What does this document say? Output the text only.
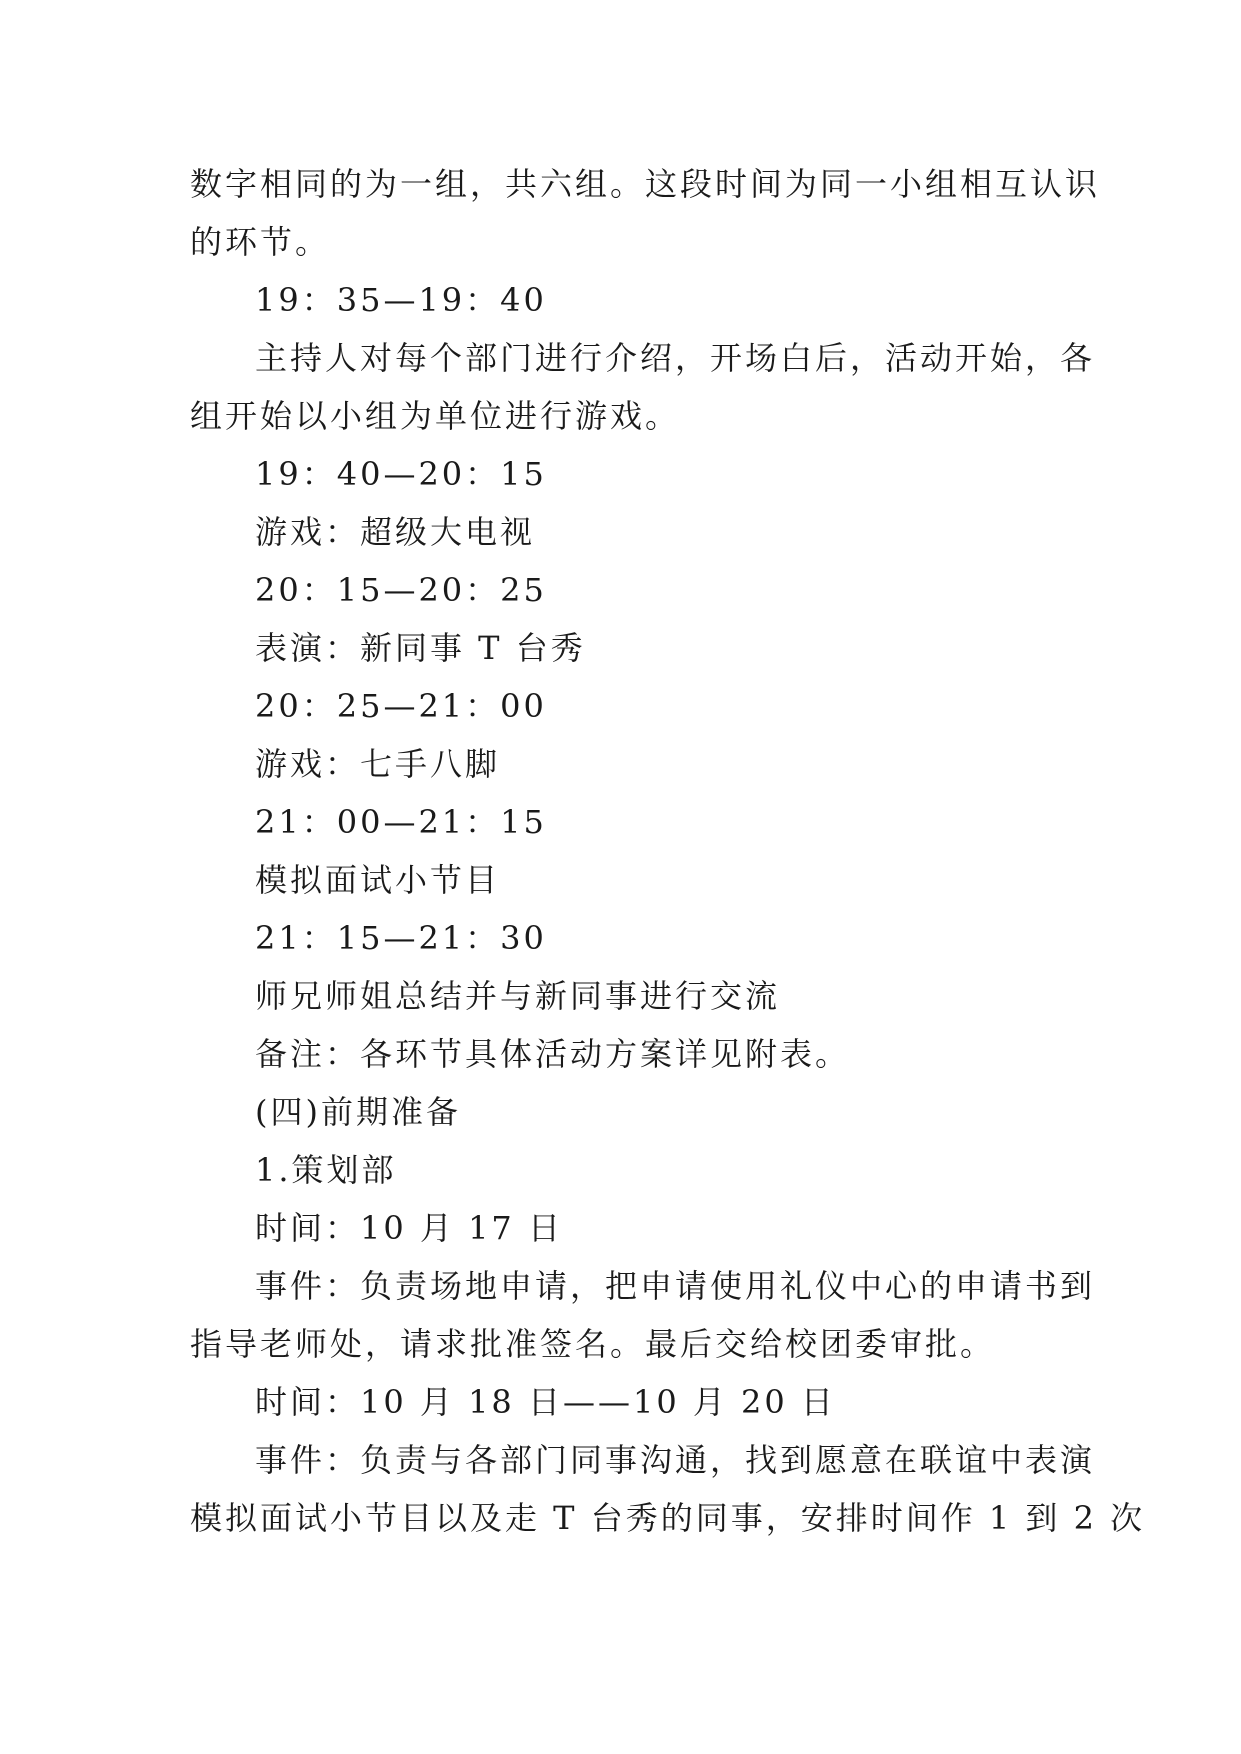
数字相同的为一组，共六组。这段时间为同一小组相互认识
的环节。
19：35—19：40
主持人对每个部门进行介绍，开场白后，活动开始，各
组开始以小组为单位进行游戏。
19：40—20：15
游戏：超级大电视
20：15—20：25
表演：新同事 T 台秀
20：25—21：00
游戏：七手八脚
21：00—21：15
模拟面试小节目
21：15—21：30
师兄师姐总结并与新同事进行交流
备注：各环节具体活动方案详见附表。
(四)前期准备
1.策划部
时间：10 月 17 日
事件：负责场地申请，把申请使用礼仪中心的申请书到
指导老师处，请求批准签名。最后交给校团委审批。
时间：10 月 18 日——10 月 20 日
事件：负责与各部门同事沟通，找到愿意在联谊中表演
模拟面试小节目以及走 T 台秀的同事，安排时间作 1 到 2 次
